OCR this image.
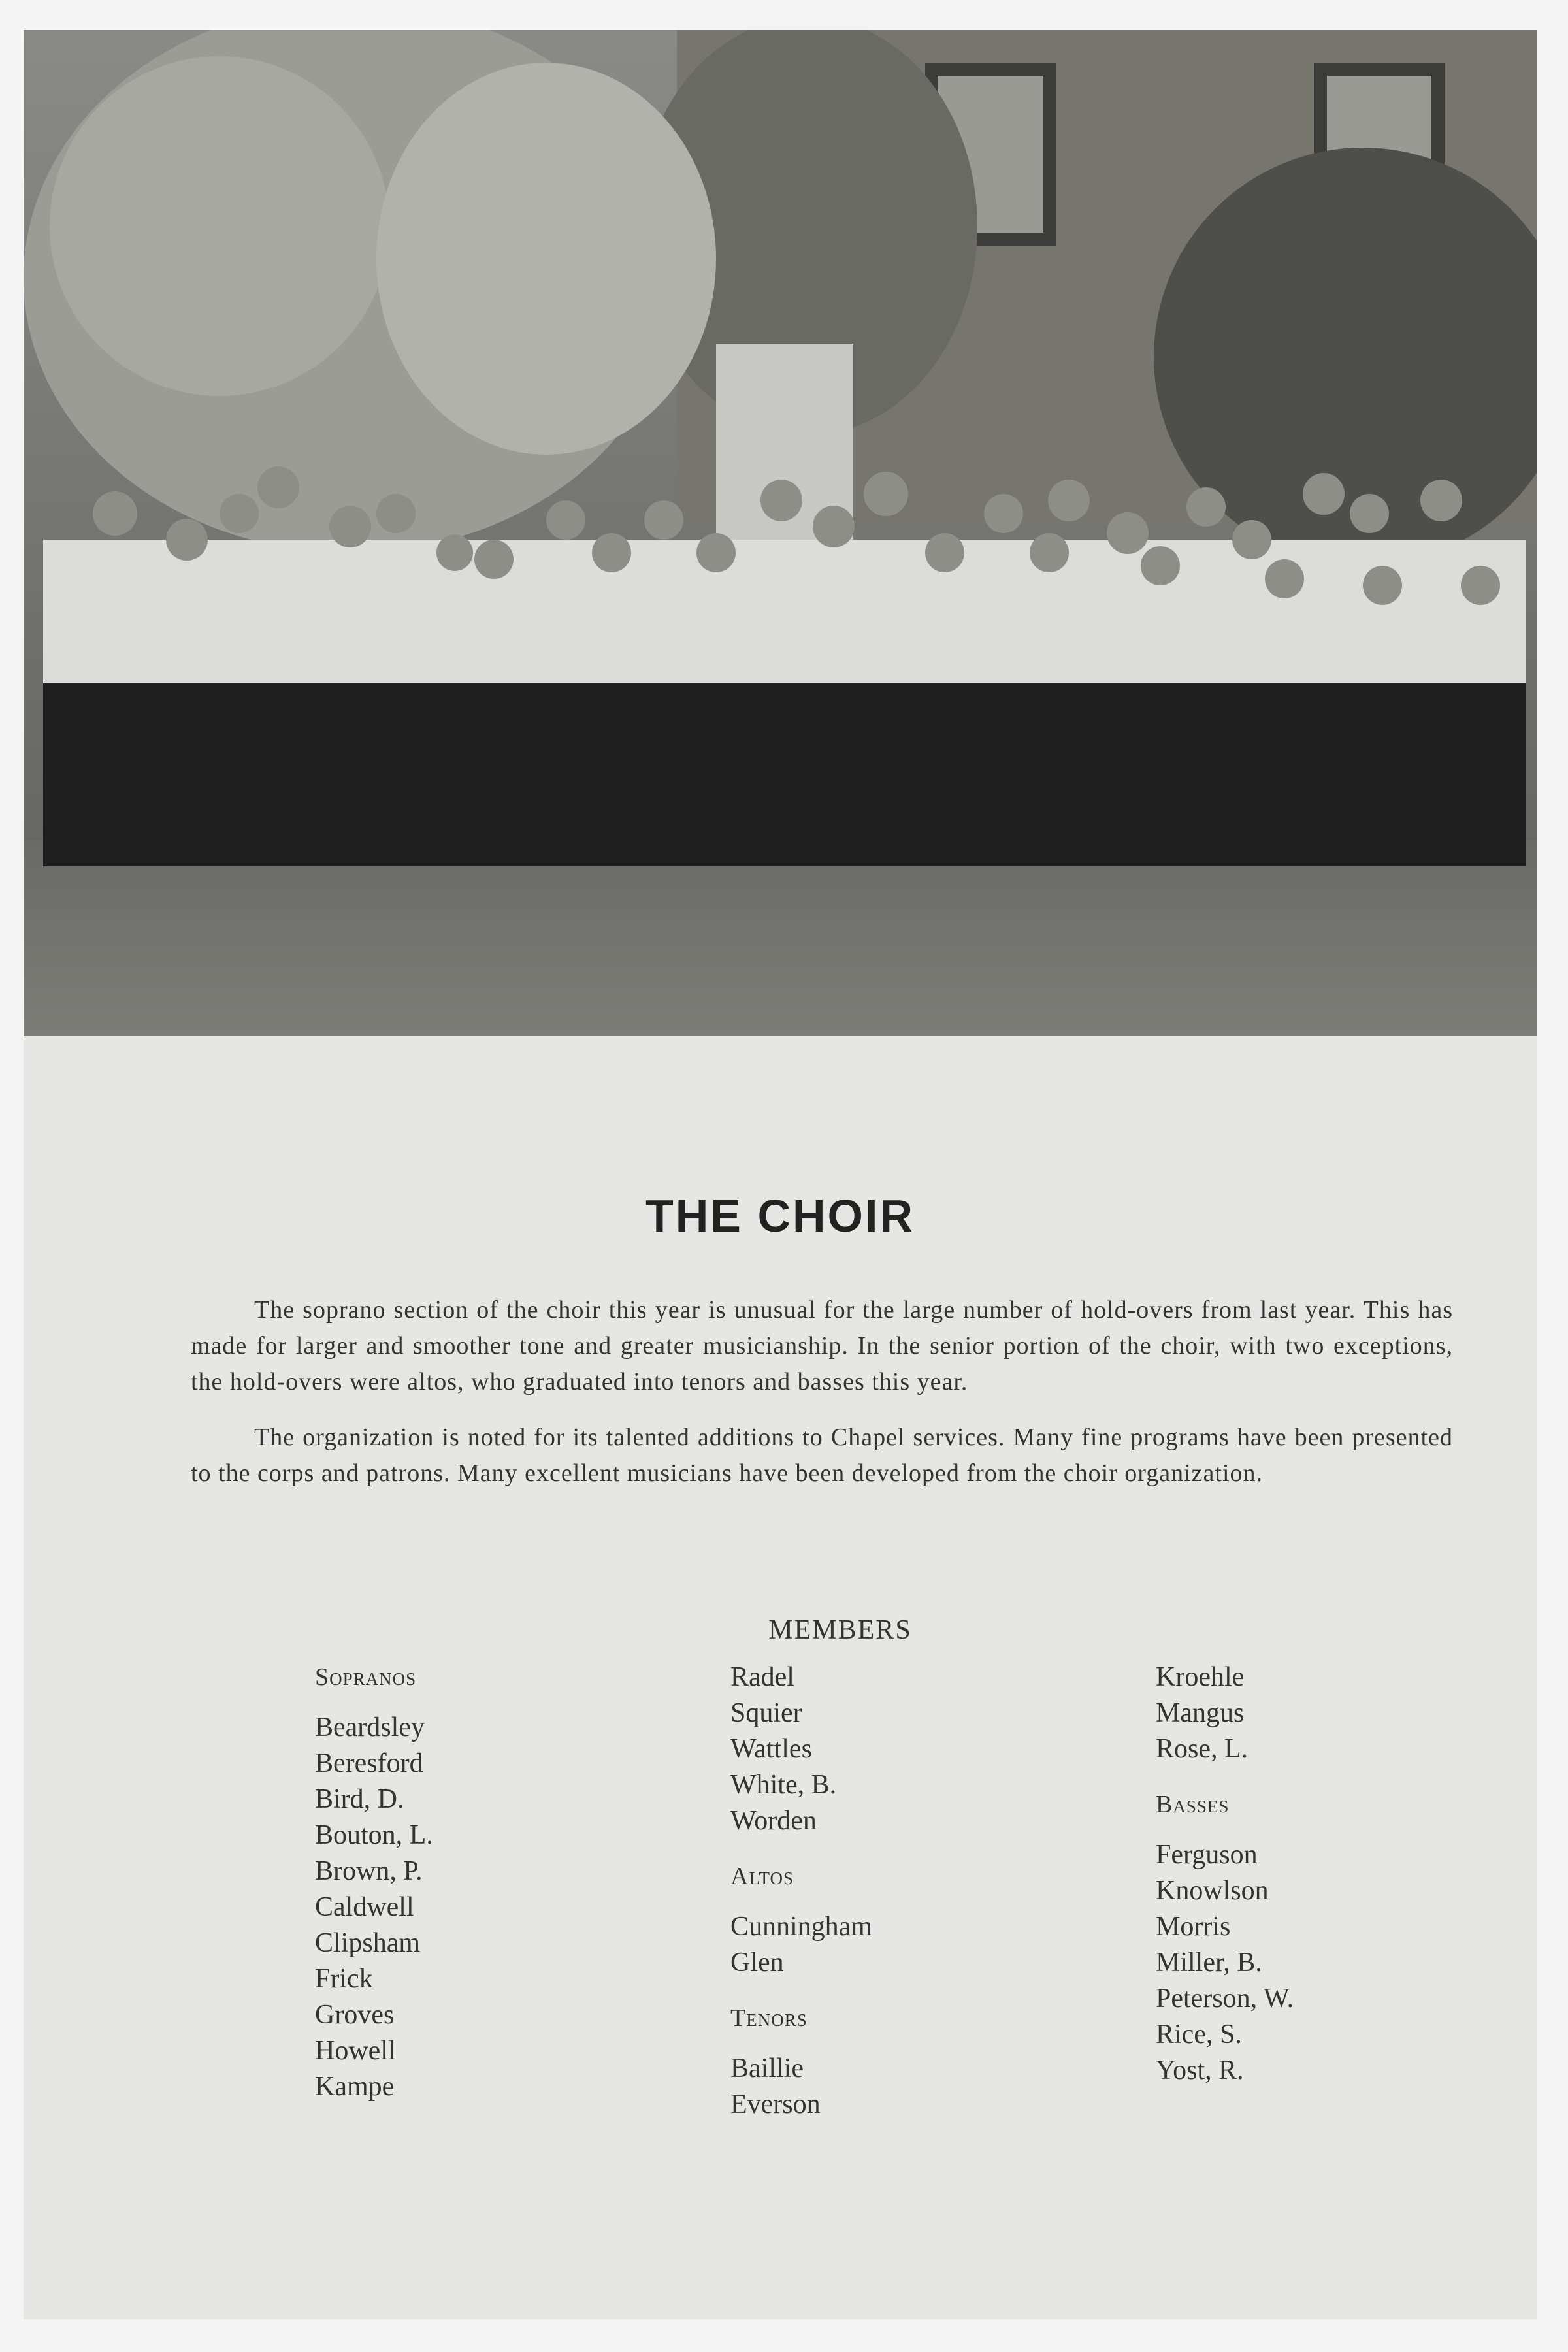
THE CHOIR

The soprano section of the choir this year is unusual for the large number of hold-overs from last year. This has made for larger and smoother tone and greater musicianship. In the senior portion of the choir, with two exceptions, the hold-overs were altos, who graduated into tenors and basses this year.

The organization is noted for its talented additions to Chapel services. Many fine programs have been presented to the corps and patrons. Many excellent musicians have been developed from the choir organization.

MEMBERS
Sopranos
Beardsley
Beresford
Bird, D.
Bouton, L.
Brown, P.
Caldwell
Clipsham
Frick
Groves
Howell
Kampe
Radel
Squier
Wattles
White, B.
Worden
Altos
Cunningham
Glen
Tenors
Baillie
Everson
Kroehle
Mangus
Rose, L.
Basses
Ferguson
Knowlson
Morris
Miller, B.
Peterson, W.
Rice, S.
Yost, R.
